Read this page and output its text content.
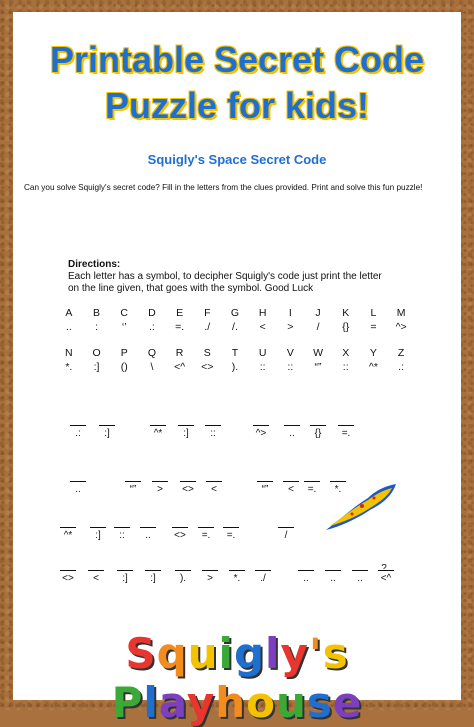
Printable Secret Code
Puzzle for kids!
Squigly's Space Secret Code
Can you solve Squigly's secret code? Fill in the letters from the clues provided. Print and solve this fun puzzle!
Directions:
Each letter has a symbol, to decipher Squigly's code just print the letter
on the line given, that goes with the symbol. Good Luck
A	B	C	D	E	F	G	H	I	J	K	L	M
..	:	‘’	.:	=.	./	/.	<	>	/	{}	=	^>
N	O	P	Q	R	S	T	U	V	W	X	Y	Z
*.	:]	()	\	<^	<>	).	::	::	“”	::	^*	.:
.:	:]	^*	:]	::	^>	..	{}	=.
..	“”	>	<>	<	“”	<	=.	*.
^*	:]	::	..	<>	=.	=.	/
<>	<	:]	:]	).	>	*.	./	..	..	..	<^
?
Squigly's Playhouse
